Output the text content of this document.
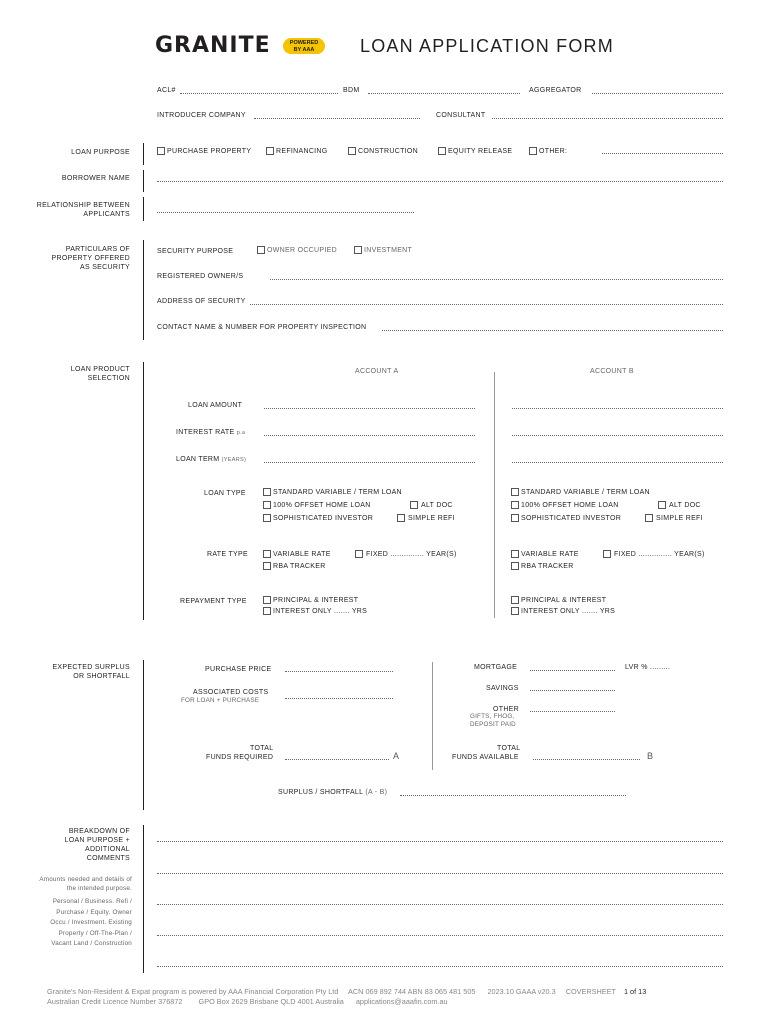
GRANITE	POWERED
BY AAA	LOAN APPLICATION FORM
ACL#	BDM	AGGREGATOR
INTRODUCER COMPANY	CONSULTANT
LOAN PURPOSE	PURCHASE PROPERTY	REFINANCING	CONSTRUCTION	EQUITY RELEASE	OTHER:
BORROWER NAME
RELATIONSHIP BETWEEN APPLICANTS
PARTICULARS OF PROPERTY OFFERED AS SECURITY
SECURITY PURPOSE	OWNER OCCUPIED	INVESTMENT
REGISTERED OWNER/S
ADDRESS OF SECURITY
CONTACT NAME & NUMBER FOR PROPERTY INSPECTION
LOAN PRODUCT SELECTION
ACCOUNT A	ACCOUNT B
LOAN AMOUNT
INTEREST RATE p.a
LOAN TERM (YEARS)
LOAN TYPE	STANDARD VARIABLE / TERM LOAN
100% OFFSET HOME LOAN	ALT DOC
SOPHISTICATED INVESTOR	SIMPLE REFI
STANDARD VARIABLE / TERM LOAN
100% OFFSET HOME LOAN	ALT DOC
SOPHISTICATED INVESTOR	SIMPLE REFI
RATE TYPE	VARIABLE RATE	FIXED ............... YEAR(S)
RBA TRACKER
VARIABLE RATE	FIXED ............... YEAR(S)
RBA TRACKER
REPAYMENT TYPE	PRINCIPAL & INTEREST
INTEREST ONLY ....... YRS
PRINCIPAL & INTEREST
INTEREST ONLY ....... YRS
EXPECTED SURPLUS OR SHORTFALL
PURCHASE PRICE
ASSOCIATED COSTS
FOR LOAN + PURCHASE
TOTAL
FUNDS REQUIRED	A
MORTGAGE	LVR % .........
SAVINGS
OTHER
GIFTS, FHOG,
DEPOSIT PAID
TOTAL
FUNDS AVAILABLE	B
SURPLUS / SHORTFALL (A - B)
BREAKDOWN OF LOAN PURPOSE + ADDITIONAL COMMENTS
Amounts needed and details of the intended purpose.
Personal / Business. Refi / Purchase / Equity. Owner Occu / Investment. Existing Property / Off-The-Plan / Vacant Land / Construction
Granite's Non-Resident & Expat program is powered by AAA Financial Corporation Pty Ltd ACN 069 892 744 ABN 83 065 481 505 2023.10 GAAA v20.3 COVERSHEET 1 of 13
Australian Credit Licence Number 376872 GPO Box 2629 Brisbane QLD 4001 Australia applications@aaafin.com.au
